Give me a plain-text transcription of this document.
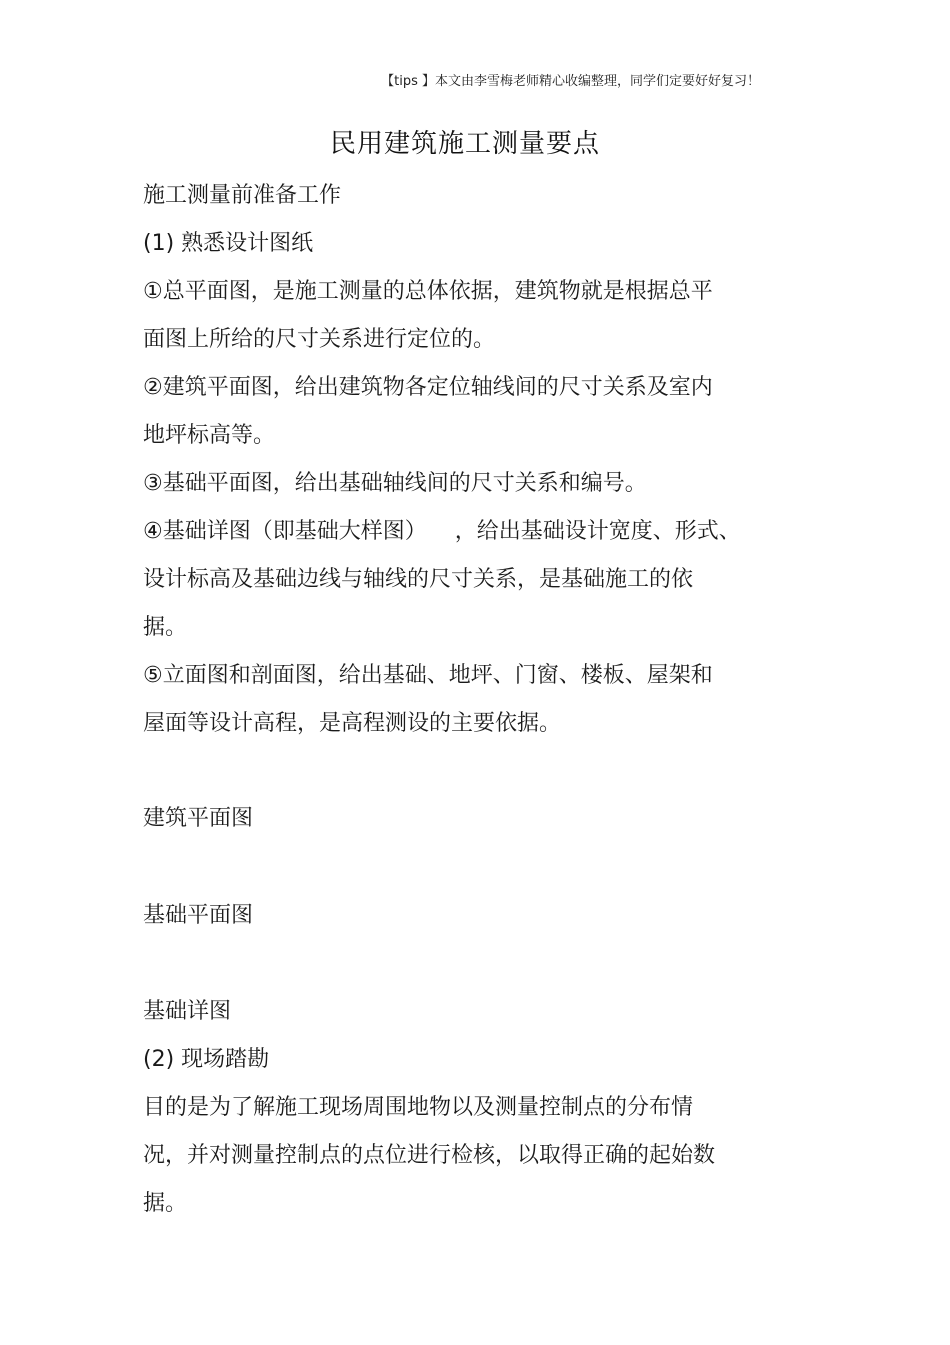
【tips 】本文由李雪梅老师精心收编整理，同学们定要好好复习！
民用建筑施工测量要点
施工测量前准备工作
(1) 熟悉设计图纸
①总平面图，是施工测量的总体依据，建筑物就是根据总平
面图上所给的尺寸关系进行定位的。
②建筑平面图，给出建筑物各定位轴线间的尺寸关系及室内
地坪标高等。
③基础平面图，给出基础轴线间的尺寸关系和编号。
④基础详图（即基础大样图）    ，给出基础设计宽度、形式、
设计标高及基础边线与轴线的尺寸关系，是基础施工的依
据。
⑤立面图和剖面图，给出基础、地坪、门窗、楼板、屋架和
屋面等设计高程，是高程测设的主要依据。
建筑平面图
基础平面图
基础详图
(2) 现场踏勘
目的是为了解施工现场周围地物以及测量控制点的分布情
况，并对测量控制点的点位进行检核，以取得正确的起始数
据。
